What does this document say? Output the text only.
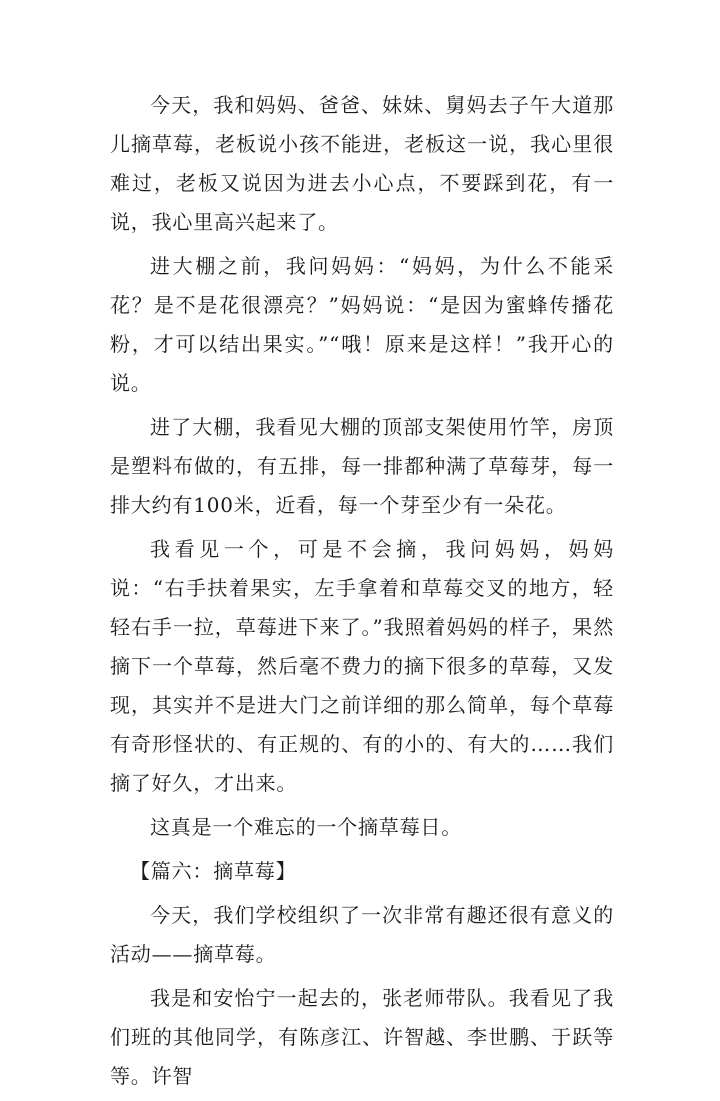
今天，我和妈妈、爸爸、妹妹、舅妈去子午大道那儿摘草莓，老板说小孩不能进，老板这一说，我心里很难过，老板又说因为进去小心点，不要踩到花，有一说，我心里高兴起来了。

进大棚之前，我问妈妈：“妈妈，为什么不能采花？是不是花很漂亮？”妈妈说：“是因为蜜蜂传播花粉，才可以结出果实。”“哦！原来是这样！”我开心的说。

进了大棚，我看见大棚的顶部支架使用竹竿，房顶是塑料布做的，有五排，每一排都种满了草莓芽，每一排大约有100米，近看，每一个芽至少有一朵花。

我看见一个，可是不会摘，我问妈妈，妈妈说：“右手扶着果实，左手拿着和草莓交叉的地方，轻轻右手一拉，草莓进下来了。”我照着妈妈的样子，果然摘下一个草莓，然后毫不费力的摘下很多的草莓，又发现，其实并不是进大门之前详细的那么简单，每个草莓有奇形怪状的、有正规的、有的小的、有大的……我们摘了好久，才出来。

这真是一个难忘的一个摘草莓日。

【篇六：摘草莓】

今天，我们学校组织了一次非常有趣还很有意义的活动——摘草莓。

我是和安怡宁一起去的，张老师带队。我看见了我们班的其他同学，有陈彦江、许智越、李世鹏、于跃等等。许智
